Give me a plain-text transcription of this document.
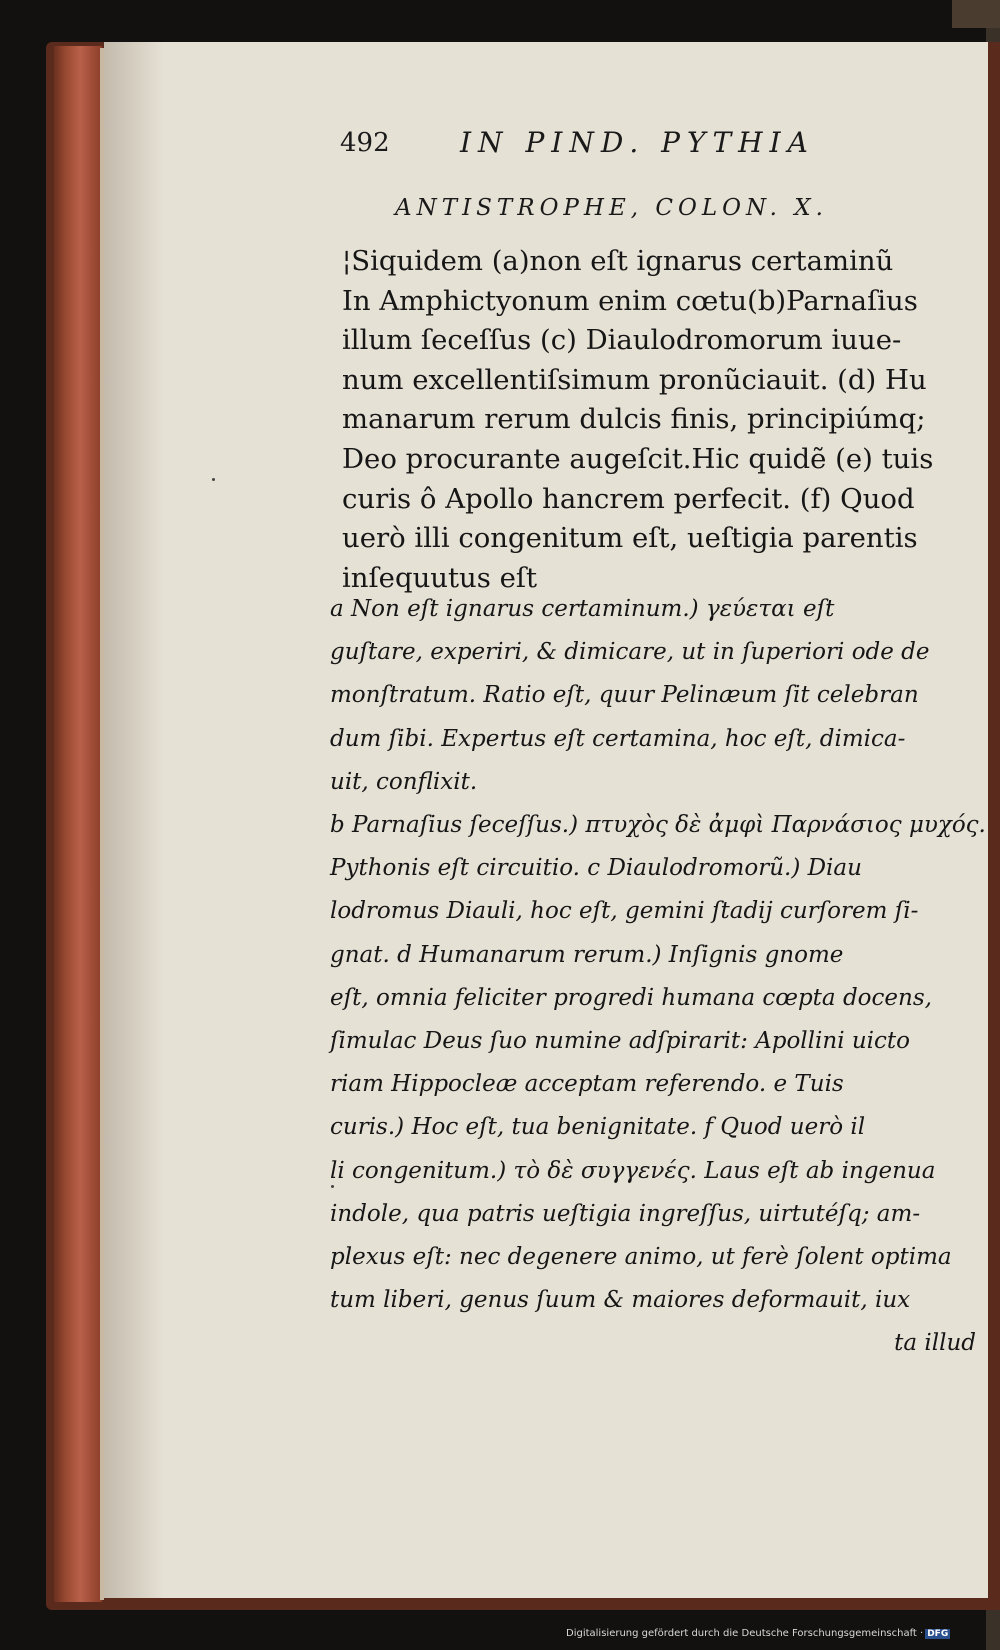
492	IN PIND. PYTHIA
ANTISTROPHE, COLON. X.
¦Siquidem (a)non eſt ignarus certaminũ
In Amphictyonum enim cœtu(b)Parnaſius
illum ſeceſſus (c) Diaulodromorum iuue-
num excellentiſsimum pronũciauit. (d) Hu
manarum rerum dulcis finis, principiúmq;
Deo procurante augeſcit.Hic quidẽ (e) tuis
curis ô Apollo hancrem perfecit. (f) Quod
uerò illi congenitum eſt, ueſtigia parentis
inſequutus eſt
a Non eſt ignarus certaminum.) γεύεται eſt
guſtare, experiri, & dimicare, ut in ſuperiori ode de
monſtratum. Ratio eſt, quur Pelinæum ſit celebran
dum ſibi. Expertus eſt certamina, hoc eſt, dimica-
uit, conflixit.
b Parnaſius ſeceſſus.) πτυχὸς δὲ ἀμφὶ Παρνάσιος μυχός.
Pythonis eſt circuitio. c Diaulodromorũ.) Diau
lodromus Diauli, hoc eſt, gemini ſtadij curſorem ſi-
gnat. d Humanarum rerum.) Inſignis gnome
eſt, omnia feliciter progredi humana cœpta docens,
ſimulac Deus ſuo numine adſpirarit: Apollini uicto
riam Hippocleæ acceptam referendo. e Tuis
curis.) Hoc eſt, tua benignitate. f Quod uerò il
li congenitum.) τὸ δὲ συγγενές. Laus eſt ab ingenua
indole, qua patris ueſtigia ingreſſus, uirtutéſq; am-
plexus eſt: nec degenere animo, ut ferè ſolent optima
tum liberi, genus ſuum & maiores deformauit, iux
ta illud
Digitalisierung gefördert durch die Deutsche Forschungsgemeinschaft · DFG
